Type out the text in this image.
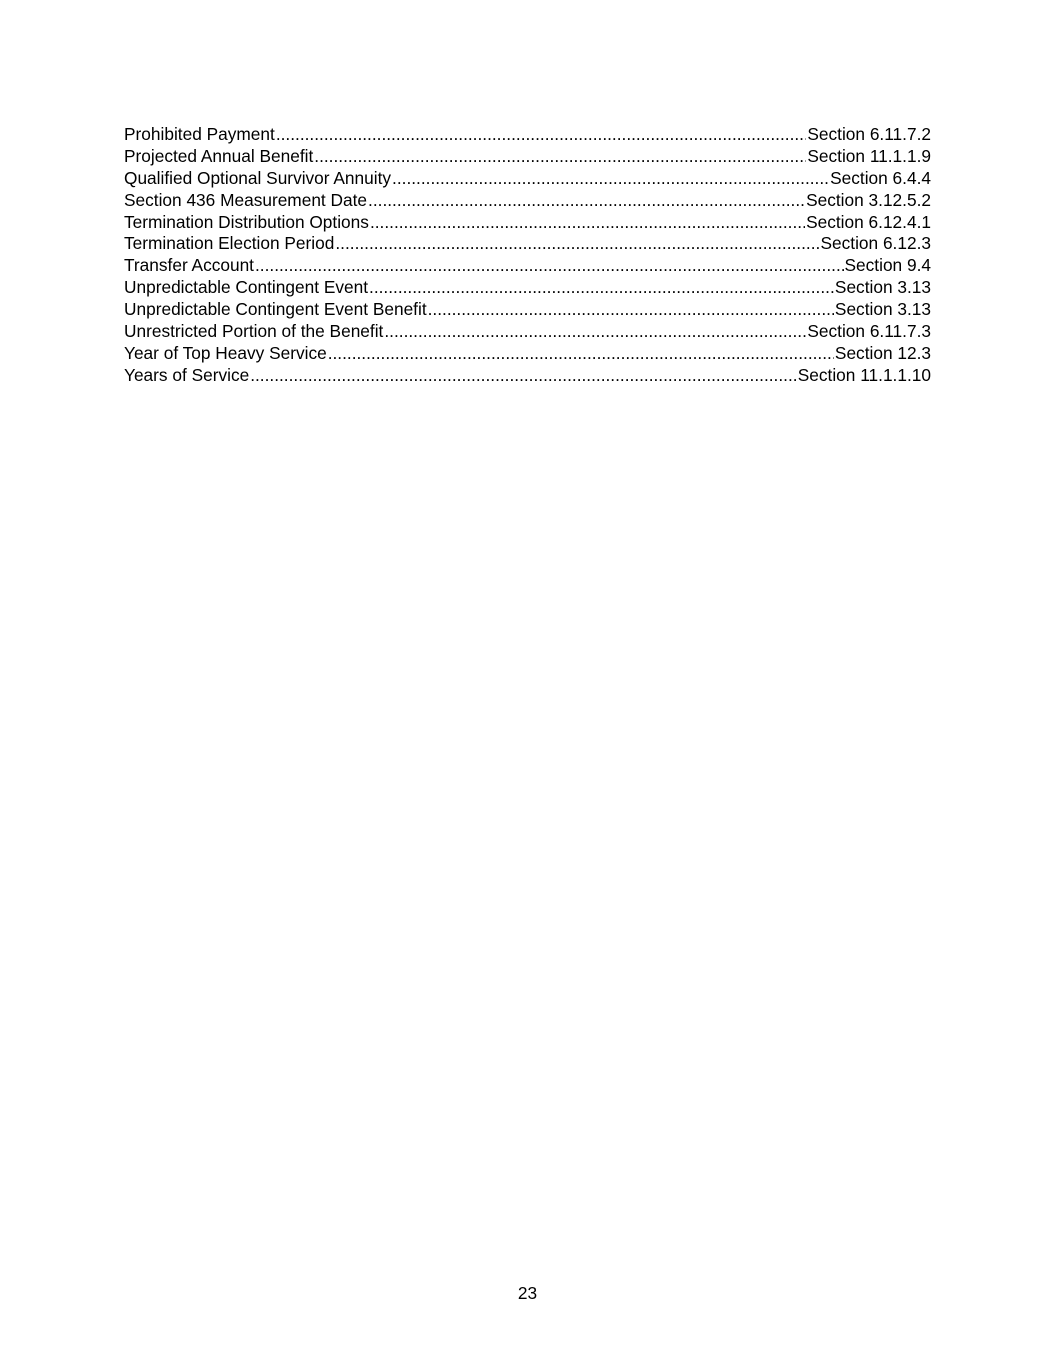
Prohibited Payment .....	Section 6.11.7.2
Projected Annual Benefit .....	Section 11.1.1.9
Qualified Optional Survivor Annuity .....	Section 6.4.4
Section 436 Measurement Date .....	Section 3.12.5.2
Termination Distribution Options .....	Section 6.12.4.1
Termination Election Period .....	Section 6.12.3
Transfer Account .....	Section 9.4
Unpredictable Contingent Event .....	Section 3.13
Unpredictable Contingent Event Benefit .....	Section 3.13
Unrestricted Portion of the Benefit .....	Section 6.11.7.3
Year of Top Heavy Service .....	Section 12.3
Years of Service .....	Section 11.1.1.10
23
